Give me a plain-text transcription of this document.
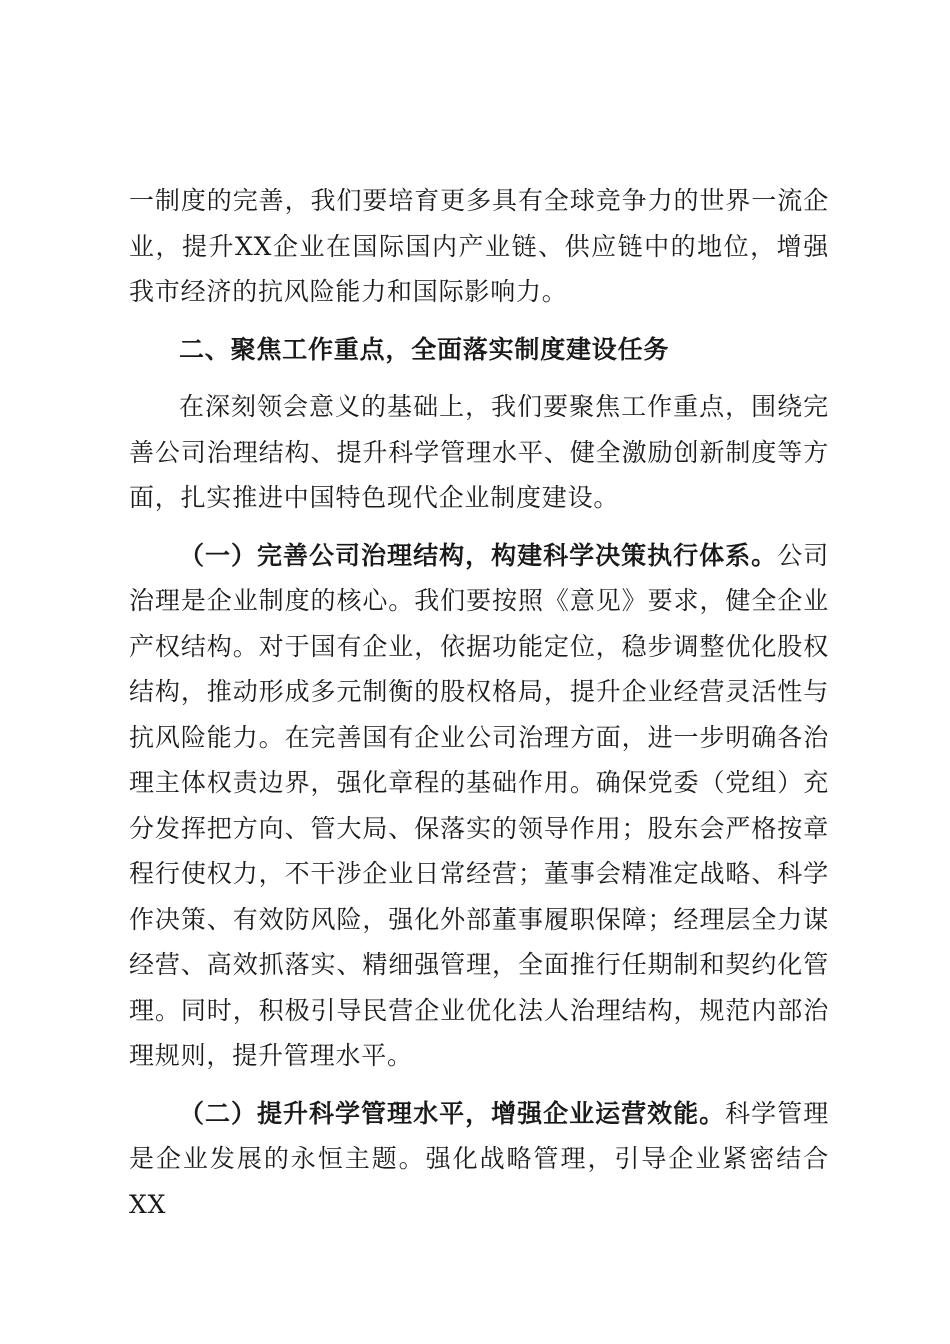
一制度的完善，我们要培育更多具有全球竞争力的世界一流企业，提升XX企业在国际国内产业链、供应链中的地位，增强我市经济的抗风险能力和国际影响力。

二、聚焦工作重点，全面落实制度建设任务

在深刻领会意义的基础上，我们要聚焦工作重点，围绕完善公司治理结构、提升科学管理水平、健全激励创新制度等方面，扎实推进中国特色现代企业制度建设。

（一）完善公司治理结构，构建科学决策执行体系。公司治理是企业制度的核心。我们要按照《意见》要求，健全企业产权结构。对于国有企业，依据功能定位，稳步调整优化股权结构，推动形成多元制衡的股权格局，提升企业经营灵活性与抗风险能力。在完善国有企业公司治理方面，进一步明确各治理主体权责边界，强化章程的基础作用。确保党委（党组）充分发挥把方向、管大局、保落实的领导作用；股东会严格按章程行使权力，不干涉企业日常经营；董事会精准定战略、科学作决策、有效防风险，强化外部董事履职保障；经理层全力谋经营、高效抓落实、精细强管理，全面推行任期制和契约化管理。同时，积极引导民营企业优化法人治理结构，规范内部治理规则，提升管理水平。

（二）提升科学管理水平，增强企业运营效能。科学管理是企业发展的永恒主题。强化战略管理，引导企业紧密结合XX
